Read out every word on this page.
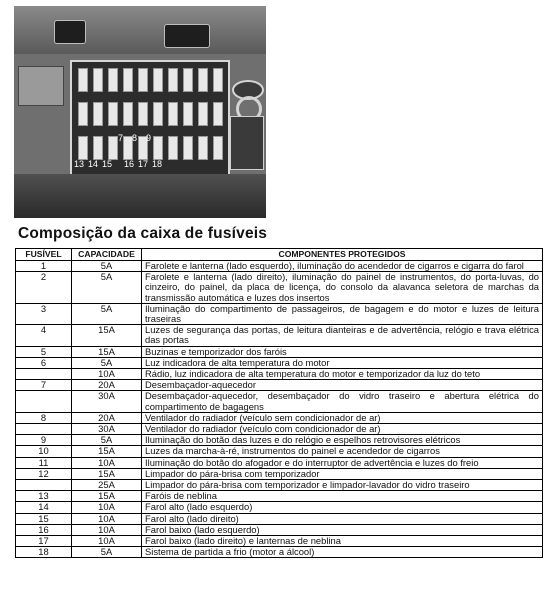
7 8 9
13 14 15 16 17 18
Composição da caixa de fusíveis
FUSÍVEL	CAPACIDADE	COMPONENTES PROTEGIDOS
1	5A	Farolete e lanterna (lado esquerdo), iluminação do acendedor de cigarros e cigarra do farol
2	5A	Farolete e lanterna (lado direito), iluminação do painel de instrumentos, do porta-luvas, do cinzeiro, do painel, da placa de licença, do consolo da alavanca seletora de marchas da transmissão automática e luzes dos insertos
3	5A	Iluminação do compartimento de passageiros, de bagagem e do motor e luzes de leitura traseiras
4	15A	Luzes de segurança das portas, de leitura dianteiras e de advertência, relógio e trava elétrica das portas
5	15A	Buzinas e temporizador dos faróis
6	5A	Luz indicadora de alta temperatura do motor
	10A	Rádio, luz indicadora de alta temperatura do motor e temporizador da luz do teto
7	20A	Desembaçador-aquecedor
	30A	Desembaçador-aquecedor, desembaçador do vidro traseiro e abertura elétrica do compartimento de bagagens
8	20A	Ventilador do radiador (veículo sem condicionador de ar)
	30A	Ventilador do radiador (veículo com condicionador de ar)
9	5A	Iluminação do botão das luzes e do relógio e espelhos retrovisores elétricos
10	15A	Luzes da marcha-à-ré, instrumentos do painel e acendedor de cigarros
11	10A	Iluminação do botão do afogador e do interruptor de advertência e luzes do freio
12	15A	Limpador do pára-brisa com temporizador
	25A	Limpador do pára-brisa com temporizador e limpador-lavador do vidro traseiro
13	15A	Faróis de neblina
14	10A	Farol alto (lado esquerdo)
15	10A	Farol alto (lado direito)
16	10A	Farol baixo (lado esquerdo)
17	10A	Farol baixo (lado direito) e lanternas de neblina
18	5A	Sistema de partida a frio (motor a álcool)
